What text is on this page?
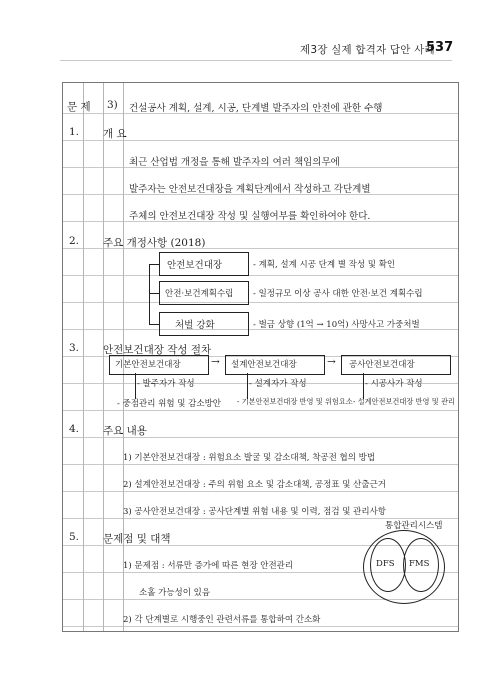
제3장 실제 합격자 답안 사례
537
문 제 3) 건설공사 계획, 설계, 시공, 단계별 발주자의 안전에 관한 수행
1. 개 요
최근 산업법 개정을 통해 발주자의 여러 책임의무에
발주자는 안전보건대장을 계획단계에서 작성하고 각단계별
주체의 안전보건대장 작성 및 실행여부를 확인하여야 한다.
2. 주요 개정사항 (2018)
안전보건대장	- 계획, 설계 시공 단계 별 작성 및 확인
안전·보건계획수립 - 일정규모 이상 공사 대한 안전·보건 계획수립
처벌 강화	- 벌금 상향 (1억 → 10억) 사망사고 가중처벌
3. 안전보건대장 작성 절차
기본안전보건대장	→ 설계안전보건대장	→ 공사안전보건대장
- 발주자가 작성
- 중점관리 위험 및 감소방안
- 설계자가 작성
- 기본안전보건대장 반영 및 위험요소
- 시공사가 작성
- 설계안전보건대장 반영 및 관리
4. 주요 내용
1) 기본안전보건대장 : 위험요소 발굴 및 감소대책, 착공전 협의 방법
2) 설계안전보건대장 : 주의 위험 요소 및 감소대책, 공정표 및 산출근거
3) 공사안전보건대장 : 공사단계별 위험 내용 및 이력, 점검 및 관리사항
5. 문제점 및 대책
1) 문제점 : 서류만 증가에 따른 현장 안전관리
소홀 가능성이 있음
2) 각 단계별로 시행중인 관련서류를 통합하여 간소화
통합관리시스템
DFS FMS
